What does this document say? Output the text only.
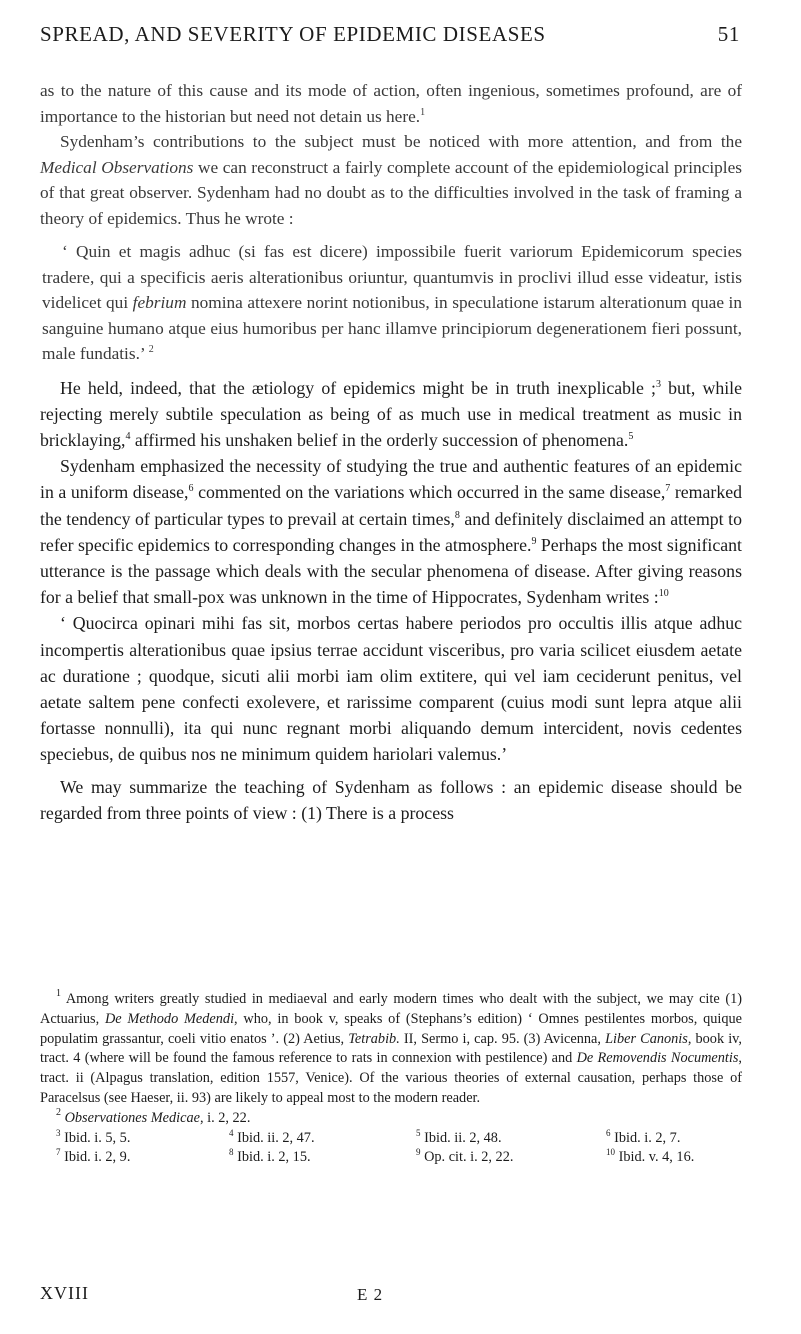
SPREAD, AND SEVERITY OF EPIDEMIC DISEASES	51

as to the nature of this cause and its mode of action, often ingenious, sometimes profound, are of importance to the historian but need not detain us here.$^1$

Sydenham’s contributions to the subject must be noticed with more attention, and from the Medical Observations we can reconstruct a fairly complete account of the epidemiological principles of that great observer. Sydenham had no doubt as to the difficulties involved in the task of framing a theory of epidemics. Thus he wrote :

‘ Quin et magis adhuc (si fas est dicere) impossibile fuerit variorum Epidemicorum species tradere, qui a specificis aeris alterationibus oriuntur, quantumvis in proclivi illud esse videatur, istis videlicet qui febrium nomina attexere norint notionibus, in speculatione istarum alterationum quae in sanguine humano atque eius humoribus per hanc illamve principiorum degenerationem fieri possunt, male fundatis.’ $^2$

He held, indeed, that the ætiology of epidemics might be in truth inexplicable ;$^3$ but, while rejecting merely subtile speculation as being of as much use in medical treatment as music in bricklaying,$^4$ affirmed his unshaken belief in the orderly succession of phenomena.$^5$

Sydenham emphasized the necessity of studying the true and authentic features of an epidemic in a uniform disease,$^6$ commented on the variations which occurred in the same disease,$^7$ remarked the tendency of particular types to prevail at certain times,$^8$ and definitely disclaimed an attempt to refer specific epidemics to corresponding changes in the atmosphere.$^9$ Perhaps the most significant utterance is the passage which deals with the secular phenomena of disease. After giving reasons for a belief that small-pox was unknown in the time of Hippocrates, Sydenham writes :$^{10}$

‘ Quocirca opinari mihi fas sit, morbos certas habere periodos pro occultis illis atque adhuc incompertis alterationibus quae ipsius terrae accidunt visceribus, pro varia scilicet eiusdem aetate ac duratione ; quodque, sicuti alii morbi iam olim extitere, qui vel iam ceciderunt penitus, vel aetate saltem pene confecti exolevere, et rarissime comparent (cuius modi sunt lepra atque alii fortasse nonnulli), ita qui nunc regnant morbi aliquando demum intercident, novis cedentes speciebus, de quibus nos ne minimum quidem hariolari valemus.’

We may summarize the teaching of Sydenham as follows : an epidemic disease should be regarded from three points of view : (1) There is a process

$^1$ Among writers greatly studied in mediaeval and early modern times who dealt with the subject, we may cite (1) Actuarius, De Methodo Medendi, who, in book v, speaks of (Stephans’s edition) ‘ Omnes pestilentes morbos, quique populatim grassantur, coeli vitio enatos ’. (2) Aetius, Tetrabib. II, Sermo i, cap. 95. (3) Avicenna, Liber Canonis, book iv, tract. 4 (where will be found the famous reference to rats in connexion with pestilence) and De Removendis Nocumentis, tract. ii (Alpagus translation, edition 1557, Venice). Of the various theories of external causation, perhaps those of Paracelsus (see Haeser, ii. 93) are likely to appeal most to the modern reader.

$^2$ Observationes Medicae, i. 2, 22.

$^3$ Ibid. i. 5, 5.	$^4$ Ibid. ii. 2, 47.	$^5$ Ibid. ii. 2, 48.	$^6$ Ibid. i. 2, 7.
$^7$ Ibid. i. 2, 9.	$^8$ Ibid. i. 2, 15.	$^9$ Op. cit. i. 2, 22.	$^{10}$ Ibid. v. 4, 16.
XVIII	E 2
